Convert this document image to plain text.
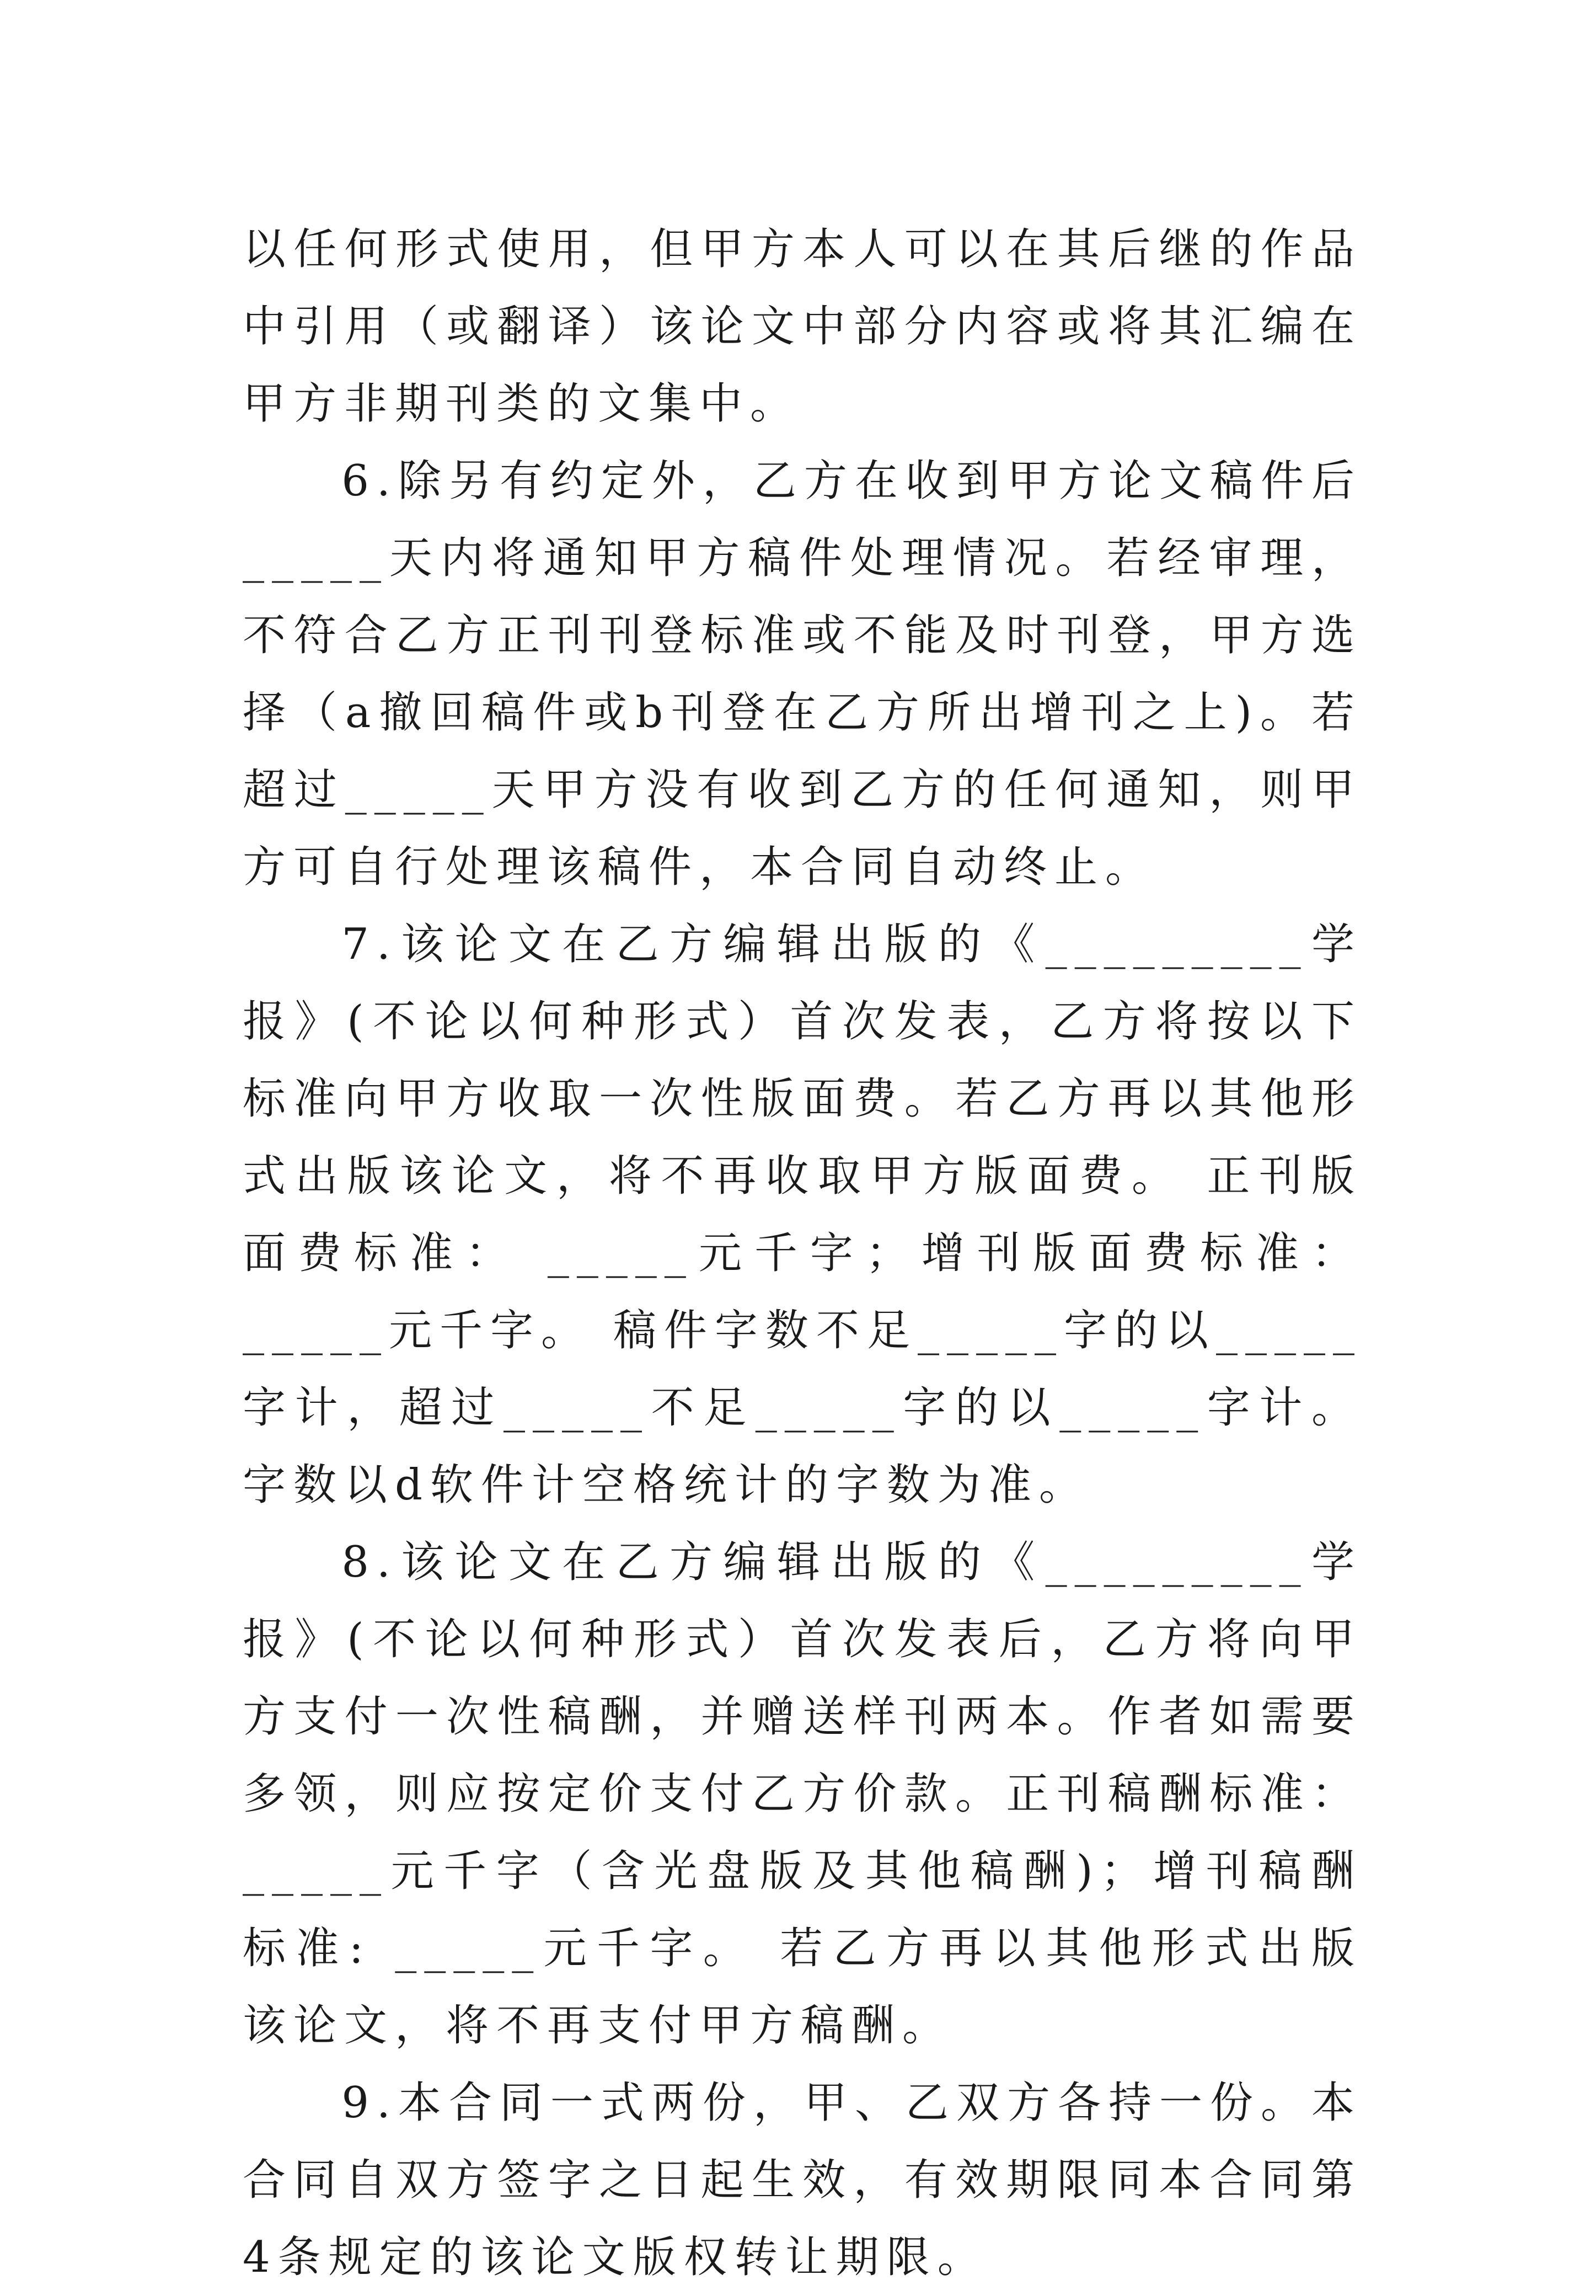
以任何形式使用，但甲方本人可以在其后继的作品中引用（或翻译）该论文中部分内容或将其汇编在甲方非期刊类的文集中。

6.除另有约定外，乙方在收到甲方论文稿件后_____天内将通知甲方稿件处理情况。若经审理，不符合乙方正刊刊登标准或不能及时刊登，甲方选择（a撤回稿件或b刊登在乙方所出增刊之上)。若超过_____天甲方没有收到乙方的任何通知，则甲方可自行处理该稿件，本合同自动终止。

7.该论文在乙方编辑出版的《_________学报》(不论以何种形式）首次发表，乙方将按以下标准向甲方收取一次性版面费。若乙方再以其他形式出版该论文，将不再收取甲方版面费。 正刊版面费标准： _____元千字；增刊版面费标准：_____元千字。 稿件字数不足_____字的以_____字计，超过_____不足_____字的以_____字计。字数以d软件计空格统计的字数为准。

8.该论文在乙方编辑出版的《_________学报》(不论以何种形式）首次发表后，乙方将向甲方支付一次性稿酬，并赠送样刊两本。作者如需要多领，则应按定价支付乙方价款。正刊稿酬标准：_____元千字（含光盘版及其他稿酬)；增刊稿酬标准: _____元千字。 若乙方再以其他形式出版该论文，将不再支付甲方稿酬。

9.本合同一式两份，甲、乙双方各持一份。本合同自双方签字之日起生效，有效期限同本合同第4条规定的该论文版权转让期限。
